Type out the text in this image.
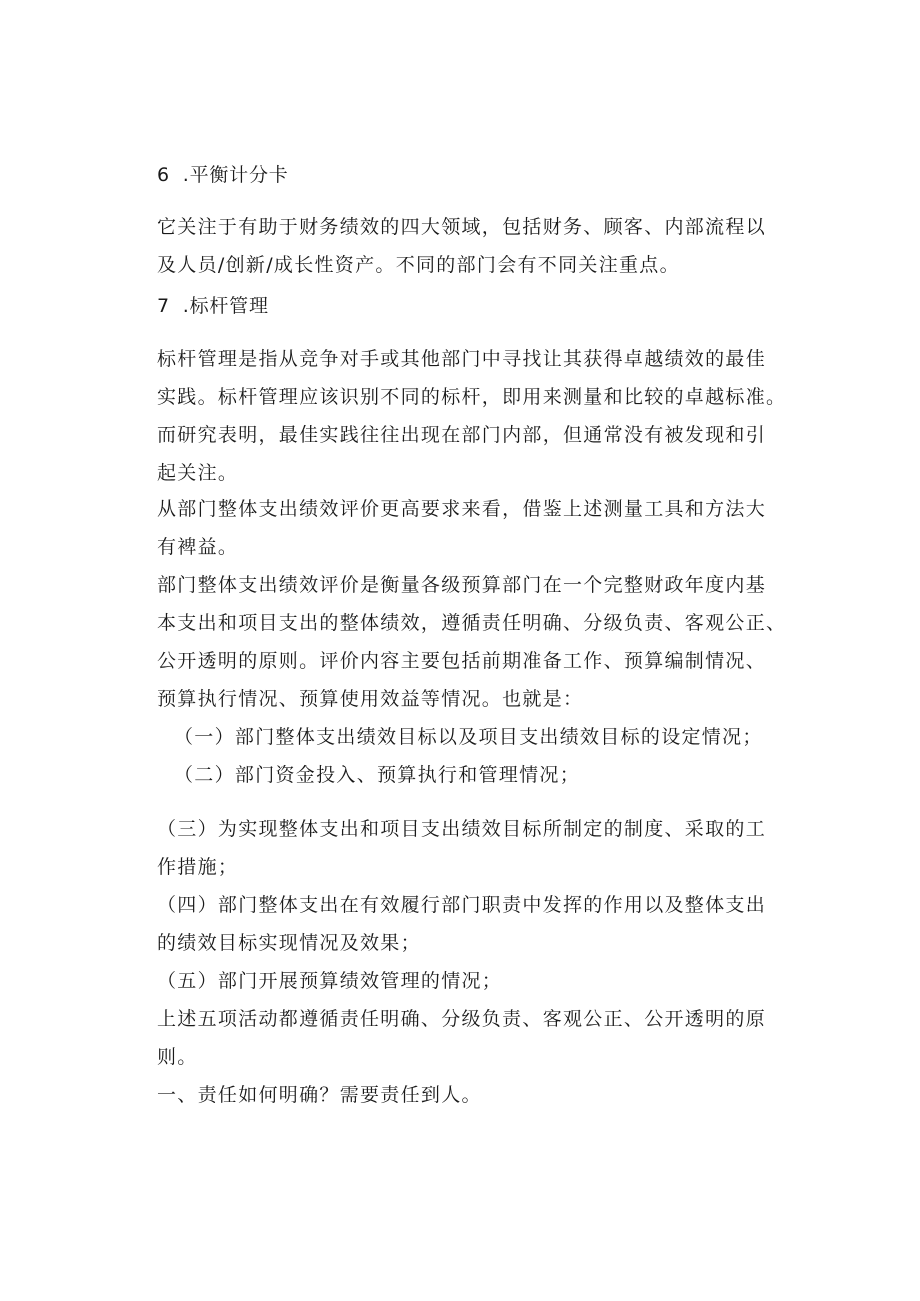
6 .平衡计分卡
它关注于有助于财务绩效的四大领域，包括财务、顾客、内部流程以
及人员/创新/成长性资产。不同的部门会有不同关注重点。
7 .标杆管理
标杆管理是指从竞争对手或其他部门中寻找让其获得卓越绩效的最佳
实践。标杆管理应该识别不同的标杆，即用来测量和比较的卓越标准。
而研究表明，最佳实践往往出现在部门内部，但通常没有被发现和引
起关注。
从部门整体支出绩效评价更高要求来看，借鉴上述测量工具和方法大
有裨益。
部门整体支出绩效评价是衡量各级预算部门在一个完整财政年度内基
本支出和项目支出的整体绩效，遵循责任明确、分级负责、客观公正、
公开透明的原则。评价内容主要包括前期准备工作、预算编制情况、
预算执行情况、预算使用效益等情况。也就是：
（一）部门整体支出绩效目标以及项目支出绩效目标的设定情况；
（二）部门资金投入、预算执行和管理情况；
（三）为实现整体支出和项目支出绩效目标所制定的制度、采取的工
作措施；
（四）部门整体支出在有效履行部门职责中发挥的作用以及整体支出
的绩效目标实现情况及效果；
（五）部门开展预算绩效管理的情况；
上述五项活动都遵循责任明确、分级负责、客观公正、公开透明的原
则。
一、责任如何明确？需要责任到人。
